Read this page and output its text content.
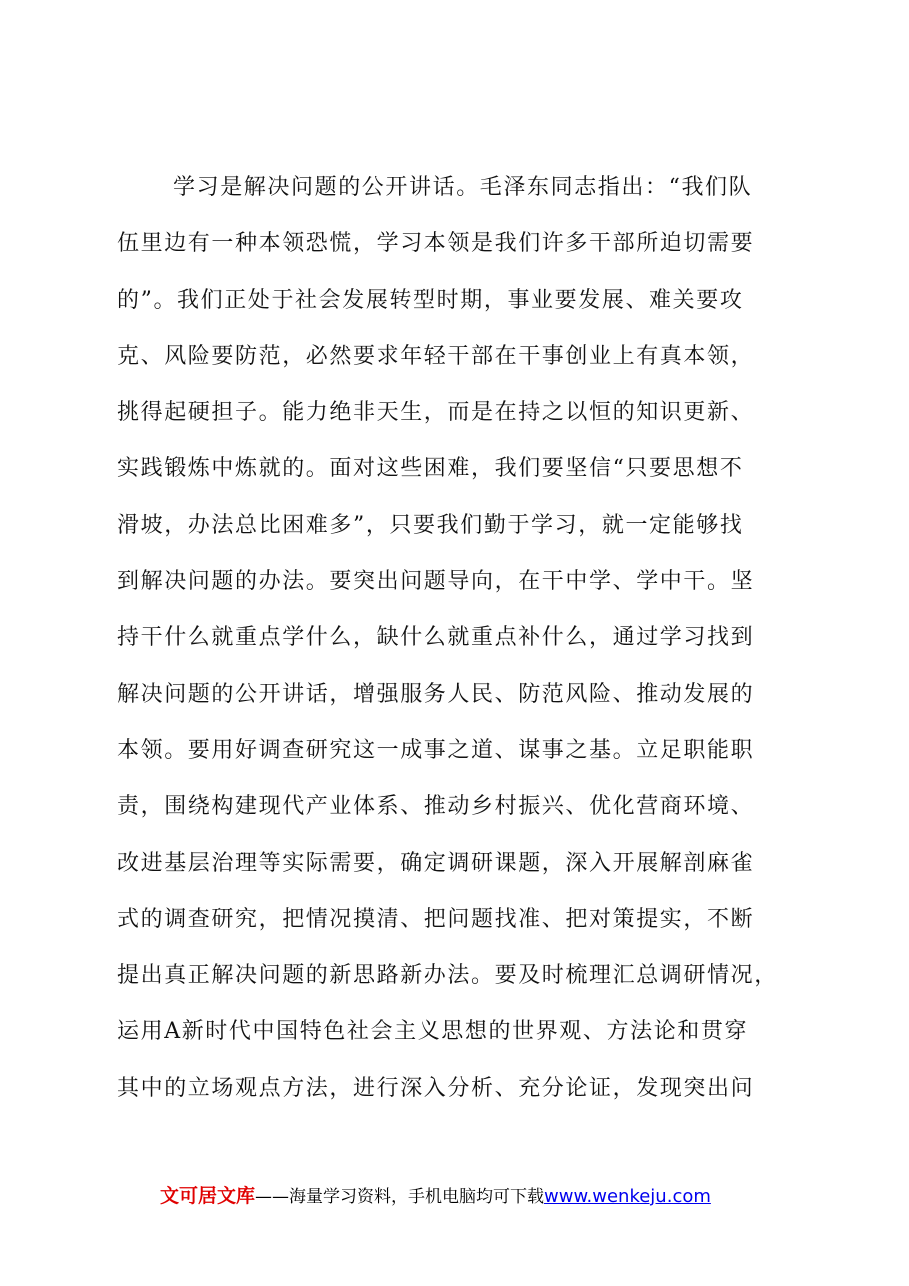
学习是解决问题的公开讲话。毛泽东同志指出：“我们队
伍里边有一种本领恐慌，学习本领是我们许多干部所迫切需要
的”。我们正处于社会发展转型时期，事业要发展、难关要攻
克、风险要防范，必然要求年轻干部在干事创业上有真本领，
挑得起硬担子。能力绝非天生，而是在持之以恒的知识更新、
实践锻炼中炼就的。面对这些困难，我们要坚信“只要思想不
滑坡，办法总比困难多”，只要我们勤于学习，就一定能够找
到解决问题的办法。要突出问题导向，在干中学、学中干。坚
持干什么就重点学什么，缺什么就重点补什么，通过学习找到
解决问题的公开讲话，增强服务人民、防范风险、推动发展的
本领。要用好调查研究这一成事之道、谋事之基。立足职能职
责，围绕构建现代产业体系、推动乡村振兴、优化营商环境、
改进基层治理等实际需要，确定调研课题，深入开展解剖麻雀
式的调查研究，把情况摸清、把问题找准、把对策提实，不断
提出真正解决问题的新思路新办法。要及时梳理汇总调研情况，
运用A新时代中国特色社会主义思想的世界观、方法论和贯穿
其中的立场观点方法，进行深入分析、充分论证，发现突出问
文可居文库——海量学习资料，手机电脑均可下载www.wenkeju.com
